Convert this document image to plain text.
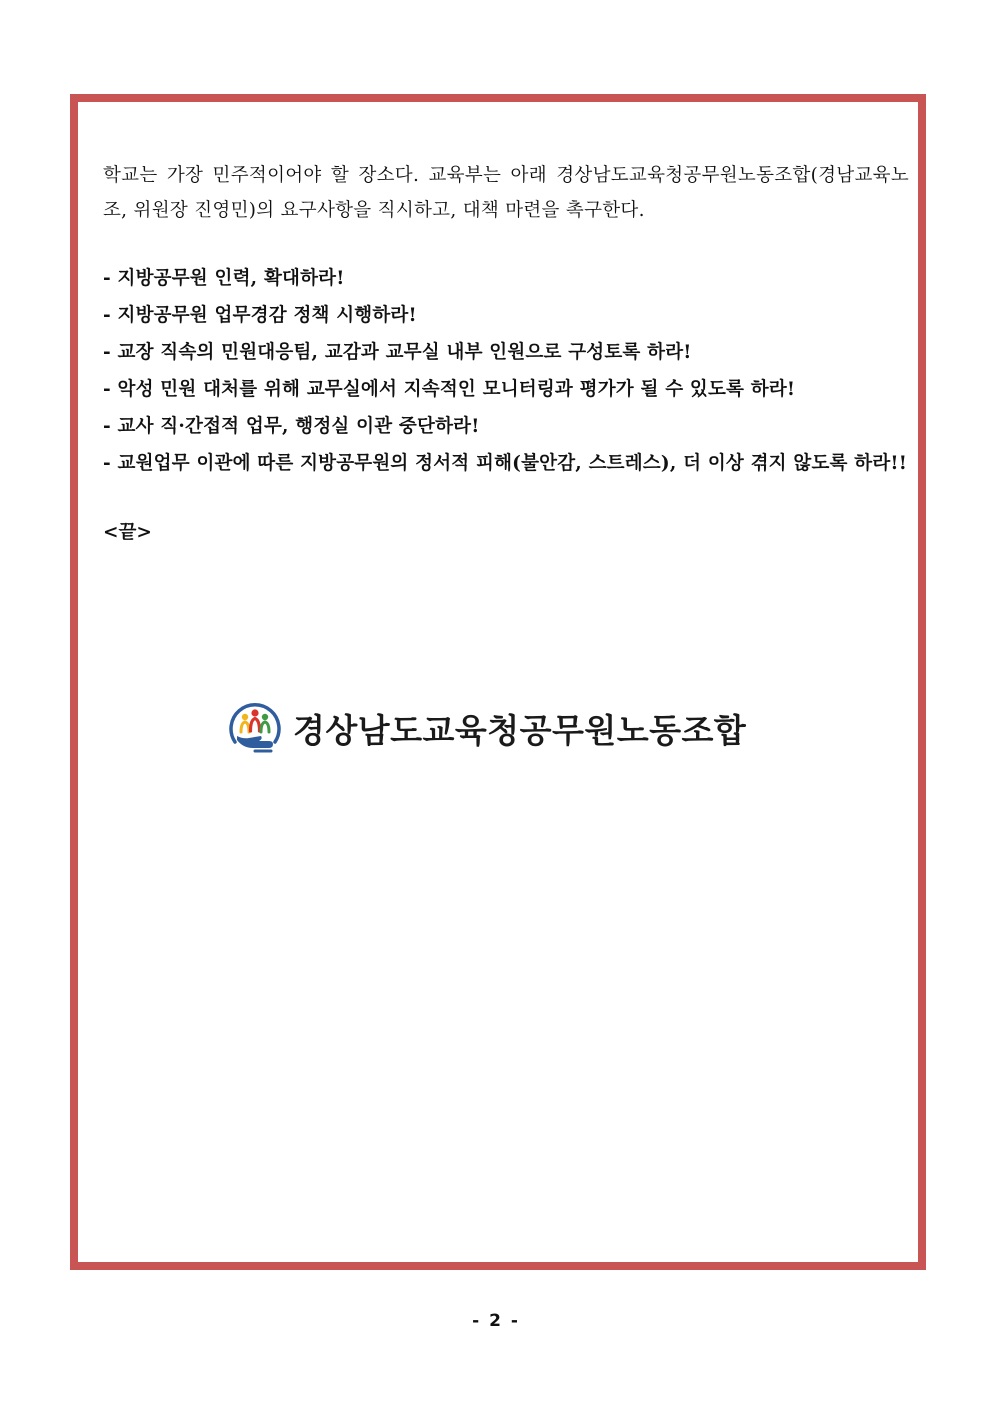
학교는 가장 민주적이어야 할 장소다. 교육부는 아래 경상남도교육청공무원노동조합(경남교육노조, 위원장 진영민)의 요구사항을 직시하고, 대책 마련을 촉구한다.

- 지방공무원 인력, 확대하라!
- 지방공무원 업무경감 정책 시행하라!
- 교장 직속의 민원대응팀, 교감과 교무실 내부 인원으로 구성토록 하라!
- 악성 민원 대처를 위해 교무실에서 지속적인 모니터링과 평가가 될 수 있도록 하라!
- 교사 직·간접적 업무, 행정실 이관 중단하라!
- 교원업무 이관에 따른 지방공무원의 정서적 피해(불안감, 스트레스), 더 이상 겪지 않도록 하라!!
<끝>
경상남도교육청공무원노동조합
- 2 -
